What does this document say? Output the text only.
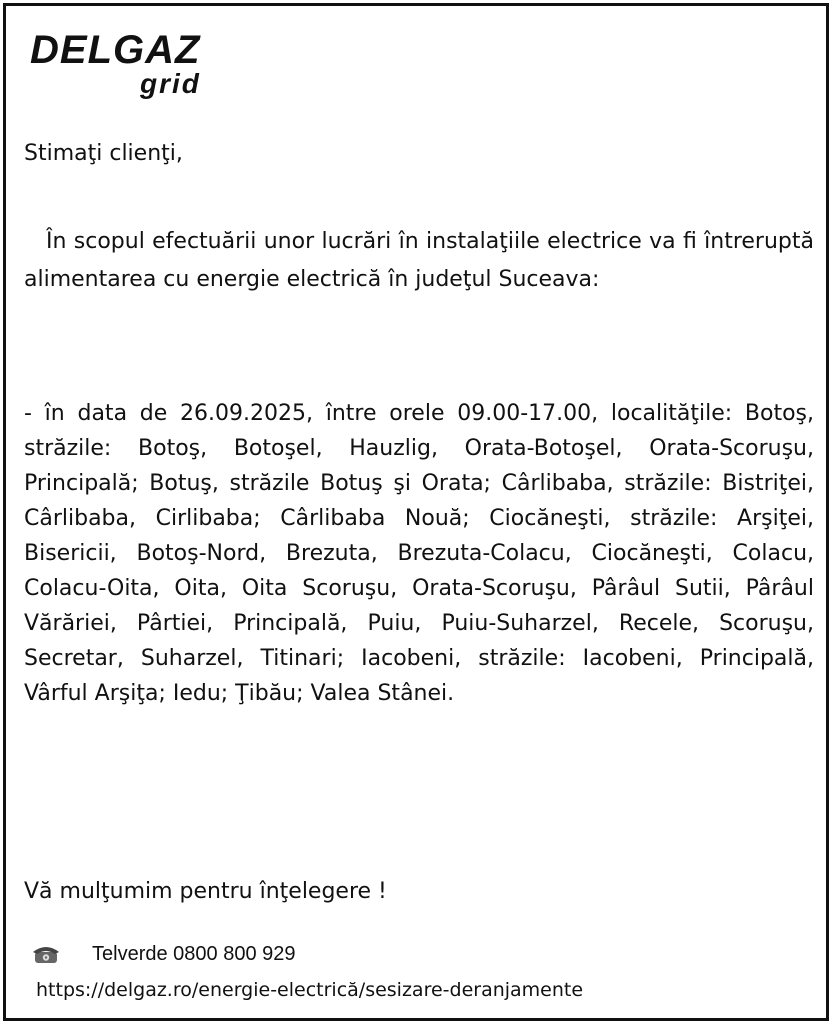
DELGAZ
grid
Stimaţi clienţi,
În scopul efectuării unor lucrări în instalaţiile electrice va fi întreruptă alimentarea cu energie electrică în judeţul Suceava:
- în data de 26.09.2025, între orele 09.00-17.00, localităţile: Botoş, străzile: Botoş, Botoşel, Hauzlig, Orata-Botoşel, Orata-Scoruşu, Principală; Botuş, străzile Botuş şi Orata; Cârlibaba, străzile: Bistriţei, Cârlibaba, Cirlibaba; Cârlibaba Nouă; Ciocăneşti, străzile: Arşiţei, Bisericii, Botoş-Nord, Brezuta, Brezuta-Colacu, Ciocăneşti, Colacu, Colacu-Oita, Oita, Oita Scoruşu, Orata-Scoruşu, Pârâul Sutii, Pârâul Vărăriei, Pârtiei, Principală, Puiu, Puiu-Suharzel, Recele, Scoruşu, Secretar, Suharzel, Titinari; Iacobeni, străzile: Iacobeni, Principală, Vârful Arşiţa; Iedu; Ţibău; Valea Stânei.
Vă mulţumim pentru înţelegere !
Telverde 0800 800 929
https://delgaz.ro/energie-electrică/sesizare-deranjamente
